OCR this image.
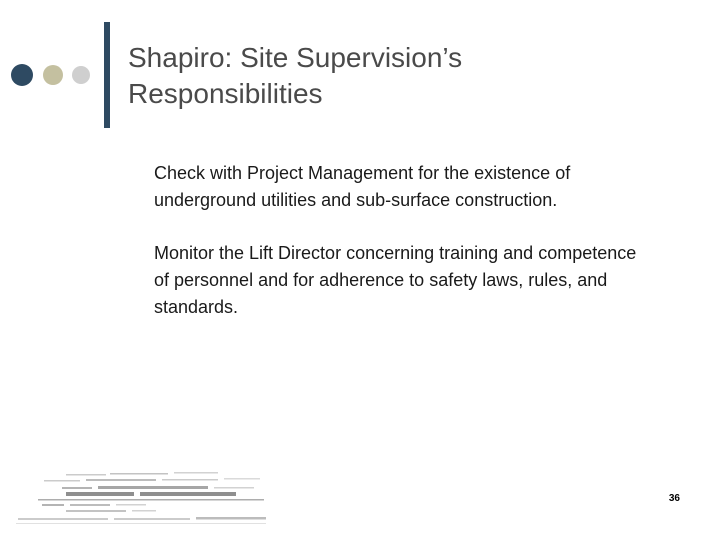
Shapiro: Site Supervision’s
Responsibilities

Check with Project Management for the existence of underground utilities and sub-surface construction.

Monitor the Lift Director concerning training and competence of personnel and for adherence to safety laws, rules, and standards.

36
